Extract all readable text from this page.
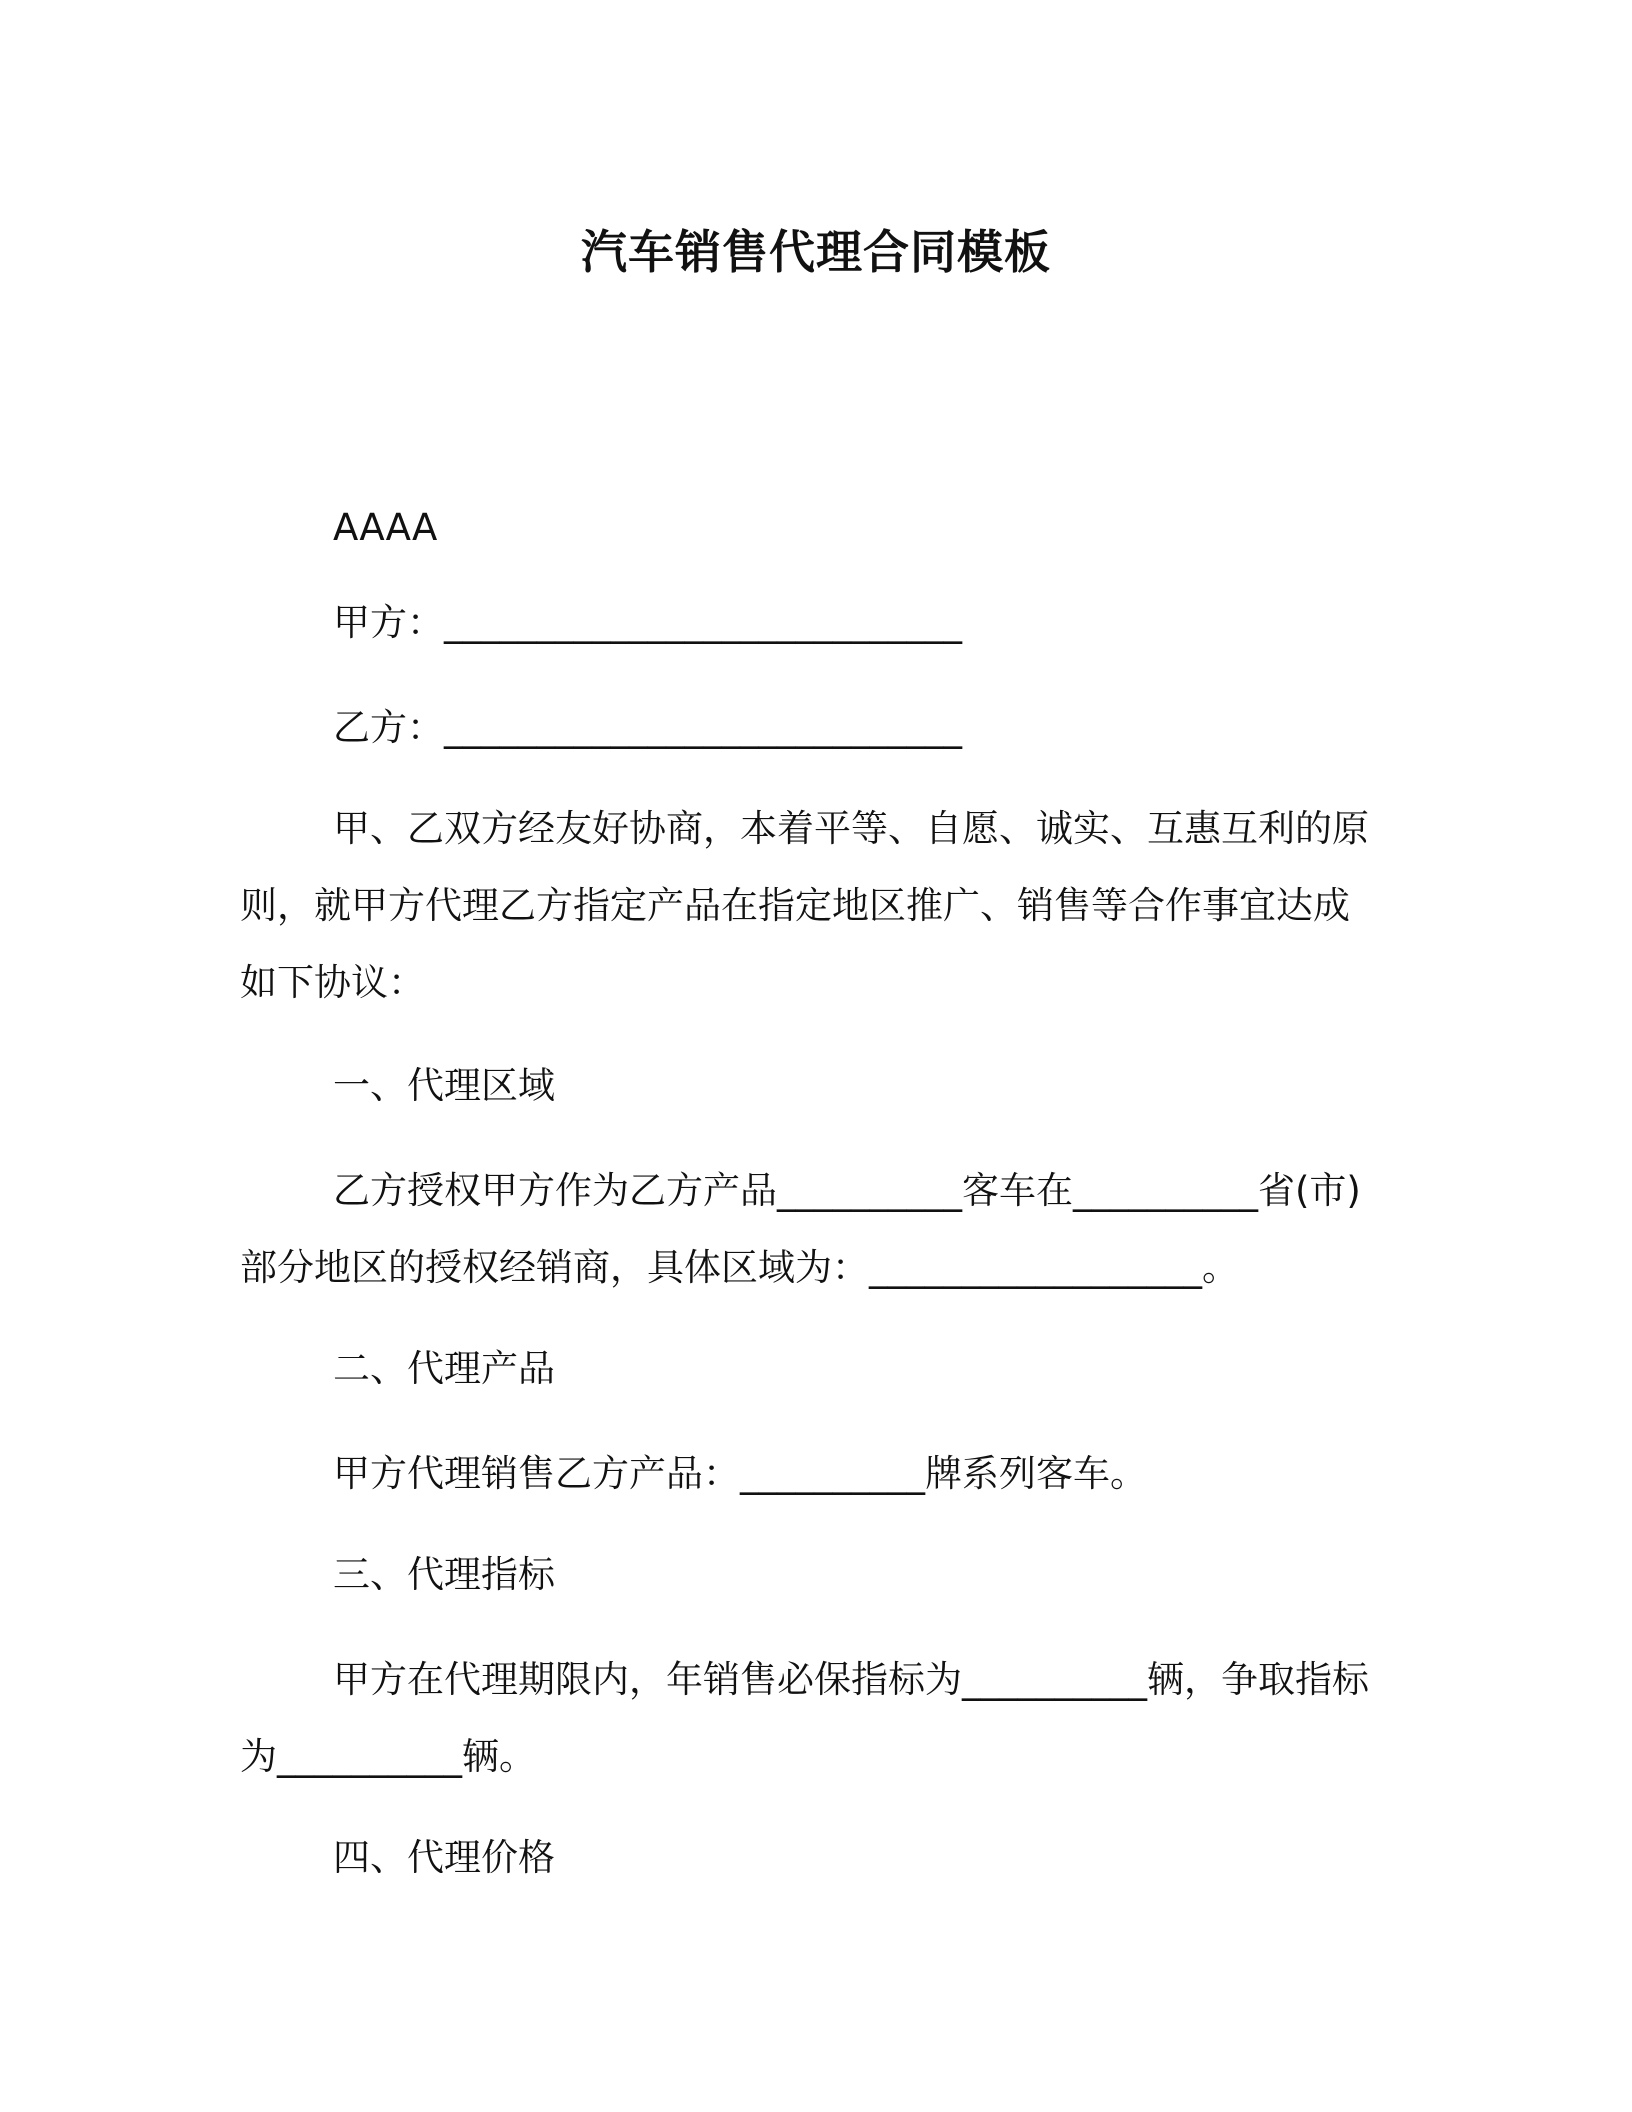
汽车销售代理合同模板
AAAA
甲方：____________________________
乙方：____________________________
甲、乙双方经友好协商，本着平等、自愿、诚实、互惠互利的原
则，就甲方代理乙方指定产品在指定地区推广、销售等合作事宜达成
如下协议：
一、代理区域
乙方授权甲方作为乙方产品__________客车在__________省(市)
部分地区的授权经销商，具体区域为：__________________。
二、代理产品
甲方代理销售乙方产品：__________牌系列客车。
三、代理指标
甲方在代理期限内，年销售必保指标为__________辆，争取指标
为__________辆。
四、代理价格
